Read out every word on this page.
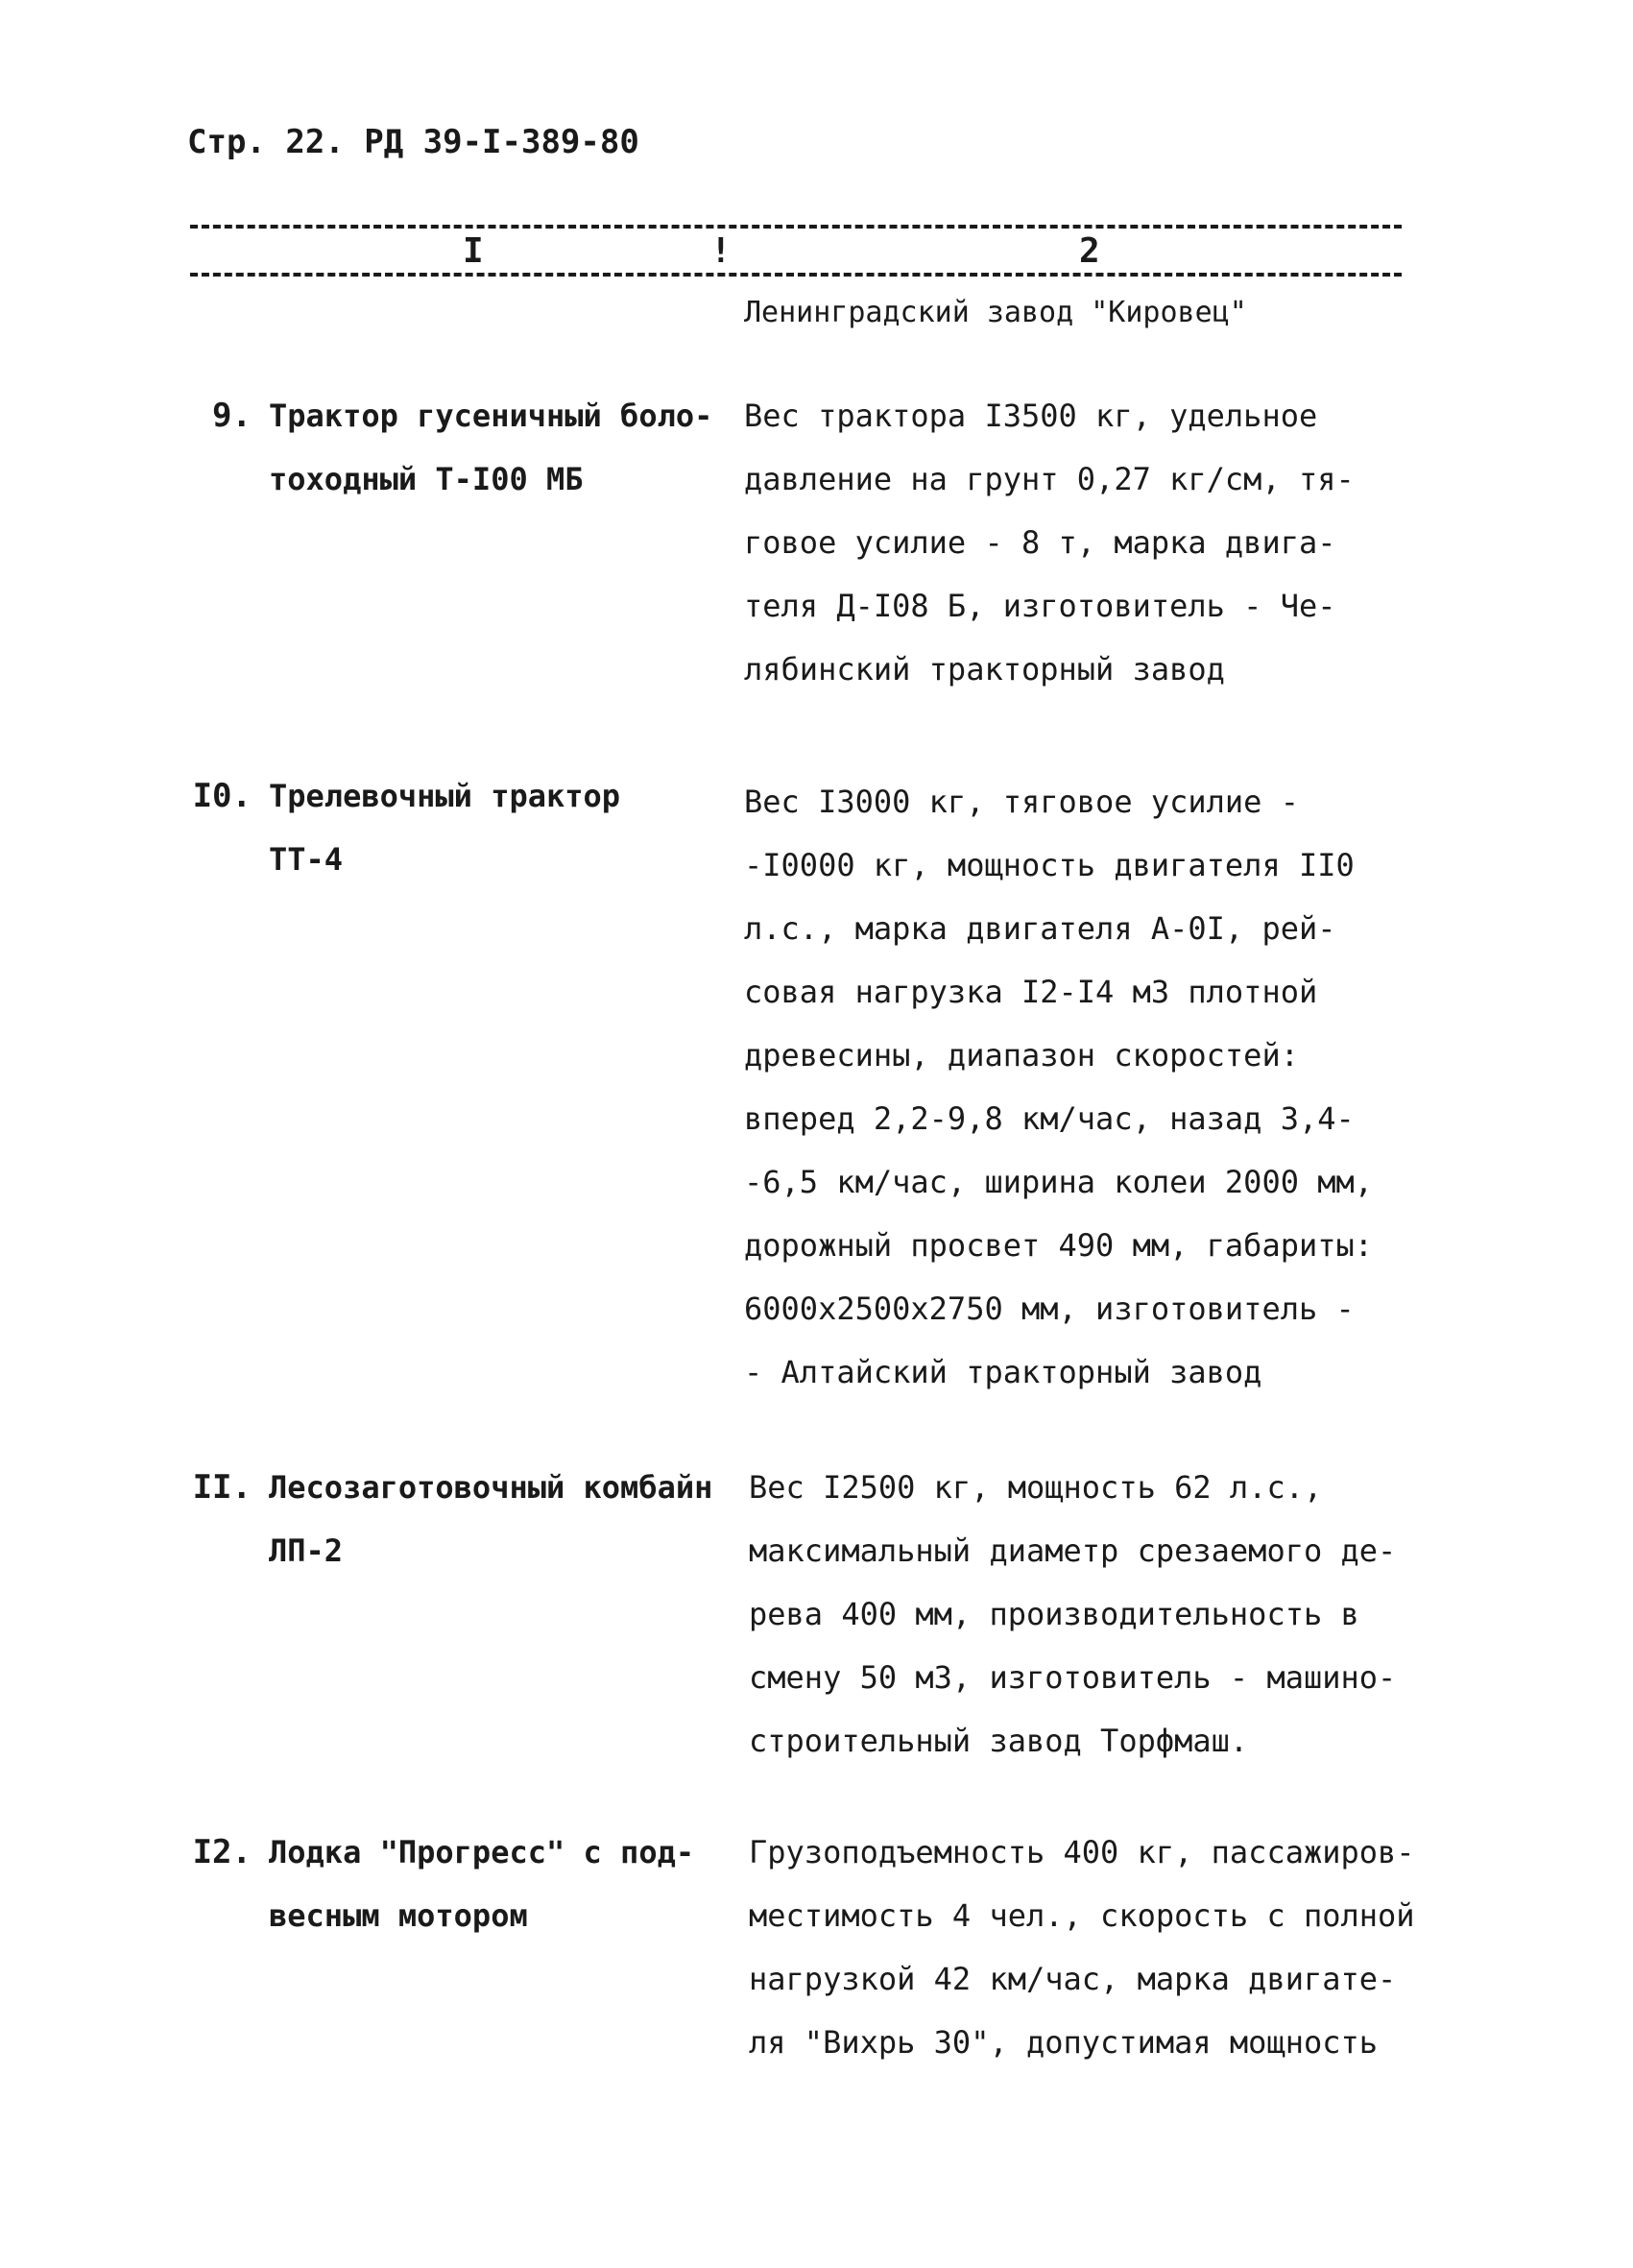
Стр. 22. РД 39-I-389-80
I	!	2
Ленинградский завод "Кировец"
9. Трактор гусеничный боло-
тоходный Т-I00 МБ
Вес трактора I3500 кг, удельное
давление на грунт 0,27 кг/см, тя-
говое усилие - 8 т, марка двига-
теля Д-I08 Б, изготовитель - Че-
лябинский тракторный завод
I0. Трелевочный трактор
ТТ-4
Вес I3000 кг, тяговое усилие -
-I0000 кг, мощность двигателя II0
л.с., марка двигателя А-0I, рей-
совая нагрузка I2-I4 м3 плотной
древесины, диапазон скоростей:
вперед 2,2-9,8 км/час, назад 3,4-
-6,5 км/час, ширина колеи 2000 мм,
дорожный просвет 490 мм, габариты:
6000х2500х2750 мм, изготовитель -
- Алтайский тракторный завод
II. Лесозаготовочный комбайн
ЛП-2
Вес I2500 кг, мощность 62 л.с.,
максимальный диаметр срезаемого де-
рева 400 мм, производительность в
смену 50 м3, изготовитель - машино-
строительный завод Торфмаш.
I2. Лодка "Прогресс" с под-
весным мотором
Грузоподъемность 400 кг, пассажиров-
местимость 4 чел., скорость с полной
нагрузкой 42 км/час, марка двигате-
ля "Вихрь 30", допустимая мощность
